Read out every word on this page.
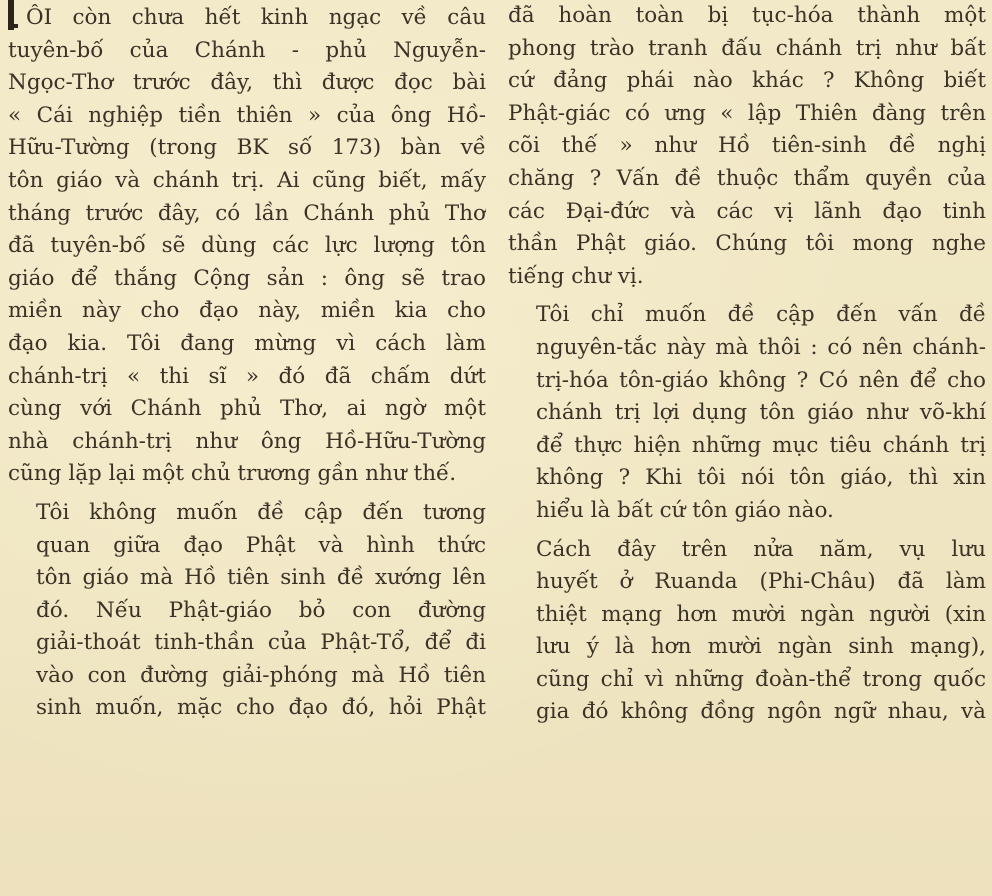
ÔI còn chưa hết kinh ngạc về câu
tuyên-bố của Chánh - phủ Nguyễn-
Ngọc-Thơ trước đây, thì được đọc bài
« Cái nghiệp tiền thiên » của ông Hồ-
Hữu-Tường (trong BK số 173) bàn về
tôn giáo và chánh trị. Ai cũng biết, mấy
tháng trước đây, có lần Chánh phủ Thơ
đã tuyên-bố sẽ dùng các lực lượng tôn
giáo để thắng Cộng sản : ông sẽ trao
miền này cho đạo này, miền kia cho
đạo kia. Tôi đang mừng vì cách làm
chánh-trị « thi sĩ » đó đã chấm dứt
cùng với Chánh phủ Thơ, ai ngờ một
nhà chánh-trị như ông Hồ-Hữu-Tường
cũng lặp lại một chủ trương gần như thế.

Tôi không muốn đề cập đến tương
quan giữa đạo Phật và hình thức
tôn giáo mà Hồ tiên sinh đề xướng lên
đó. Nếu Phật-giáo bỏ con đường
giải-thoát tinh-thần của Phật-Tổ, để đi
vào con đường giải-phóng mà Hồ tiên
sinh muốn, mặc cho đạo đó, hỏi Phật

đã hoàn toàn bị tục-hóa thành một
phong trào tranh đấu chánh trị như bất
cứ đảng phái nào khác ? Không biết
Phật-giác có ưng « lập Thiên đàng trên
cõi thế » như Hồ tiên-sinh đề nghị
chăng ? Vấn đề thuộc thẩm quyền của
các Đại-đức và các vị lãnh đạo tinh
thần Phật giáo. Chúng tôi mong nghe
tiếng chư vị.

Tôi chỉ muốn đề cập đến vấn đề
nguyên-tắc này mà thôi : có nên chánh-
trị-hóa tôn-giáo không ? Có nên để cho
chánh trị lợi dụng tôn giáo như võ-khí
để thực hiện những mục tiêu chánh trị
không ? Khi tôi nói tôn giáo, thì xin
hiểu là bất cứ tôn giáo nào.

Cách đây trên nửa năm, vụ lưu
huyết ở Ruanda (Phi-Châu) đã làm
thiệt mạng hơn mười ngàn người (xin
lưu ý là hơn mười ngàn sinh mạng),
cũng chỉ vì những đoàn-thể trong quốc
gia đó không đồng ngôn ngữ nhau, và
